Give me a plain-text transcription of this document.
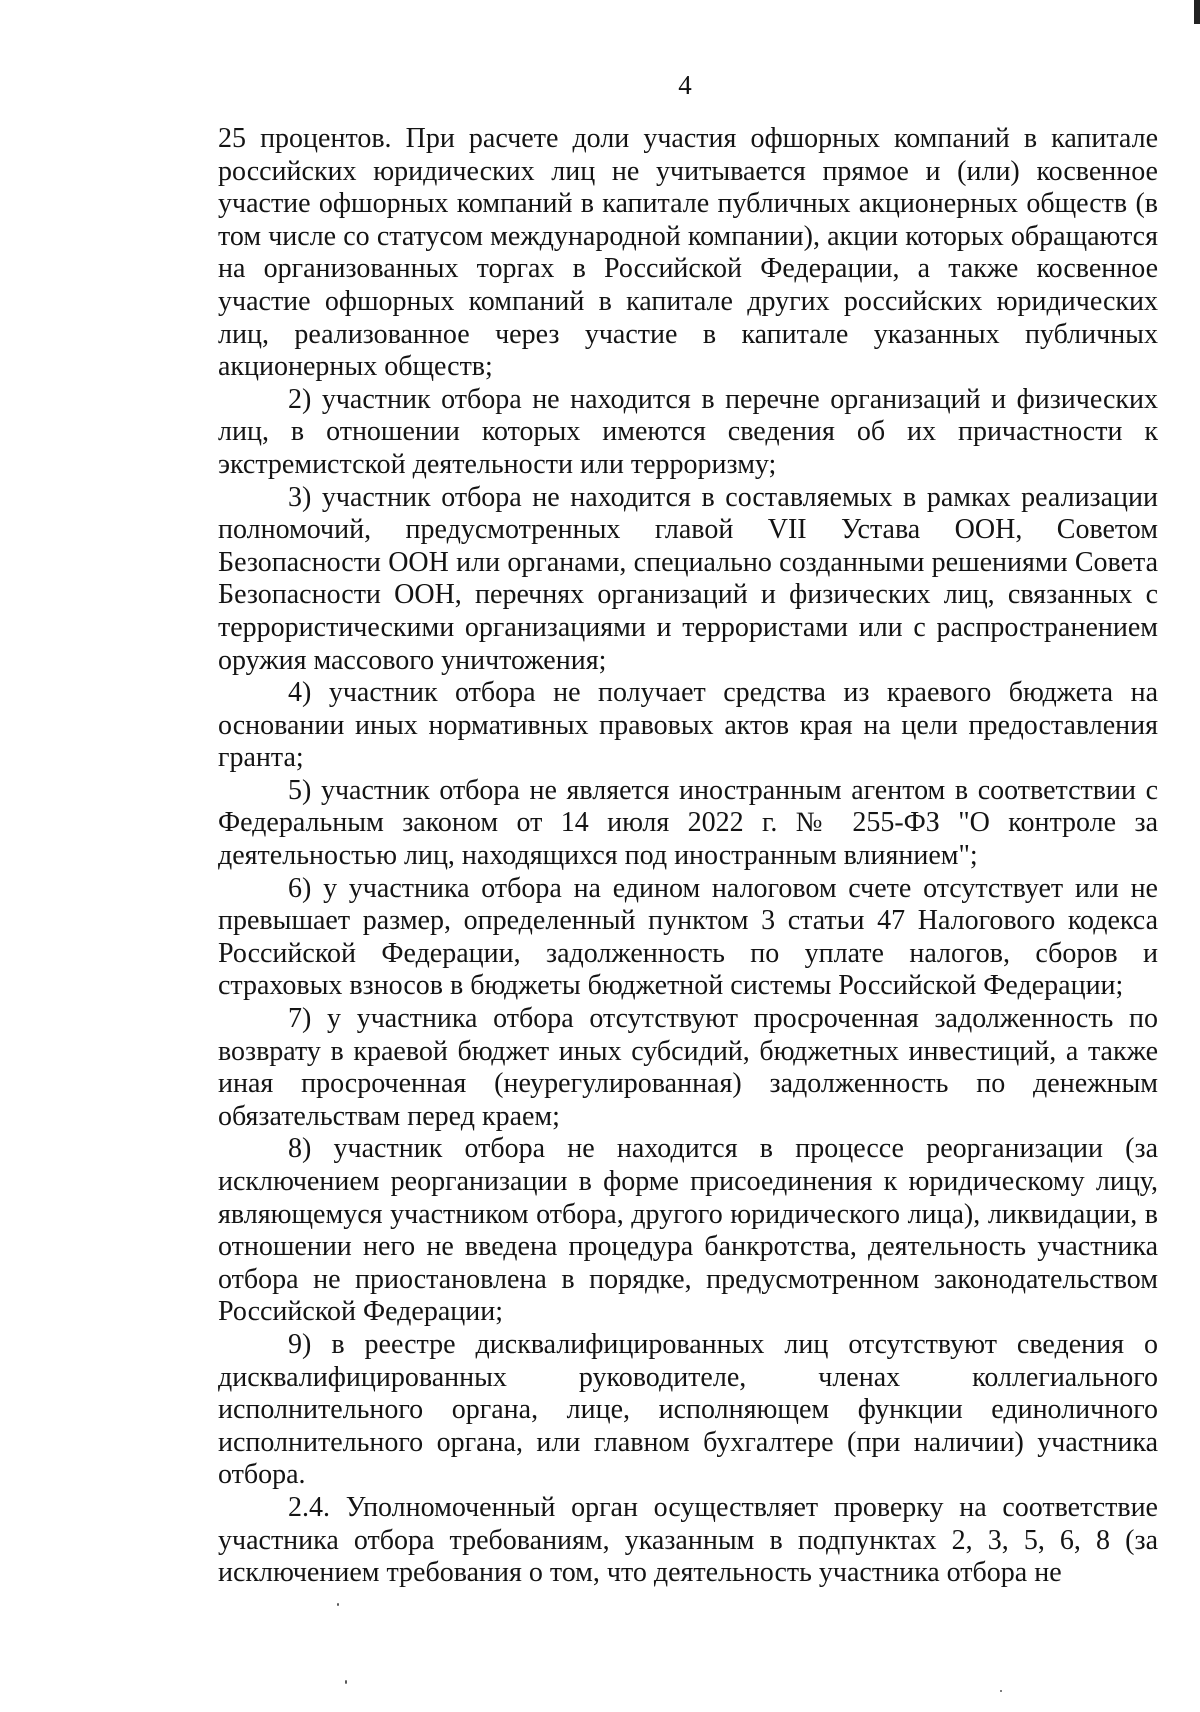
4

25 процентов. При расчете доли участия офшорных компаний в капитале российских юридических лиц не учитывается прямое и (или) косвенное участие офшорных компаний в капитале публичных акционерных обществ (в том числе со статусом международной компании), акции которых обращаются на организованных торгах в Российской Федерации, а также косвенное участие офшорных компаний в капитале других российских юридических лиц, реализованное через участие в капитале указанных публичных акционерных обществ;

2) участник отбора не находится в перечне организаций и физических лиц, в отношении которых имеются сведения об их причастности к экстремистской деятельности или терроризму;

3) участник отбора не находится в составляемых в рамках реализации полномочий, предусмотренных главой VII Устава ООН, Советом Безопасности ООН или органами, специально созданными решениями Совета Безопасности ООН, перечнях организаций и физических лиц, связанных с террористическими организациями и террористами или с распространением оружия массового уничтожения;

4) участник отбора не получает средства из краевого бюджета на основании иных нормативных правовых актов края на цели предоставления гранта;

5) участник отбора не является иностранным агентом в соответствии с Федеральным законом от 14 июля 2022 г. № 255-ФЗ "О контроле за деятельностью лиц, находящихся под иностранным влиянием";

6) у участника отбора на едином налоговом счете отсутствует или не превышает размер, определенный пунктом 3 статьи 47 Налогового кодекса Российской Федерации, задолженность по уплате налогов, сборов и страховых взносов в бюджеты бюджетной системы Российской Федерации;

7) у участника отбора отсутствуют просроченная задолженность по возврату в краевой бюджет иных субсидий, бюджетных инвестиций, а также иная просроченная (неурегулированная) задолженность по денежным обязательствам перед краем;

8) участник отбора не находится в процессе реорганизации (за исключением реорганизации в форме присоединения к юридическому лицу, являющемуся участником отбора, другого юридического лица), ликвидации, в отношении него не введена процедура банкротства, деятельность участника отбора не приостановлена в порядке, предусмотренном законодательством Российской Федерации;

9) в реестре дисквалифицированных лиц отсутствуют сведения о дисквалифицированных руководителе, членах коллегиального исполнительного органа, лице, исполняющем функции единоличного исполнительного органа, или главном бухгалтере (при наличии) участника отбора.

2.4. Уполномоченный орган осуществляет проверку на соответствие участника отбора требованиям, указанным в подпунктах 2, 3, 5, 6, 8 (за исключением требования о том, что деятельность участника отбора не
